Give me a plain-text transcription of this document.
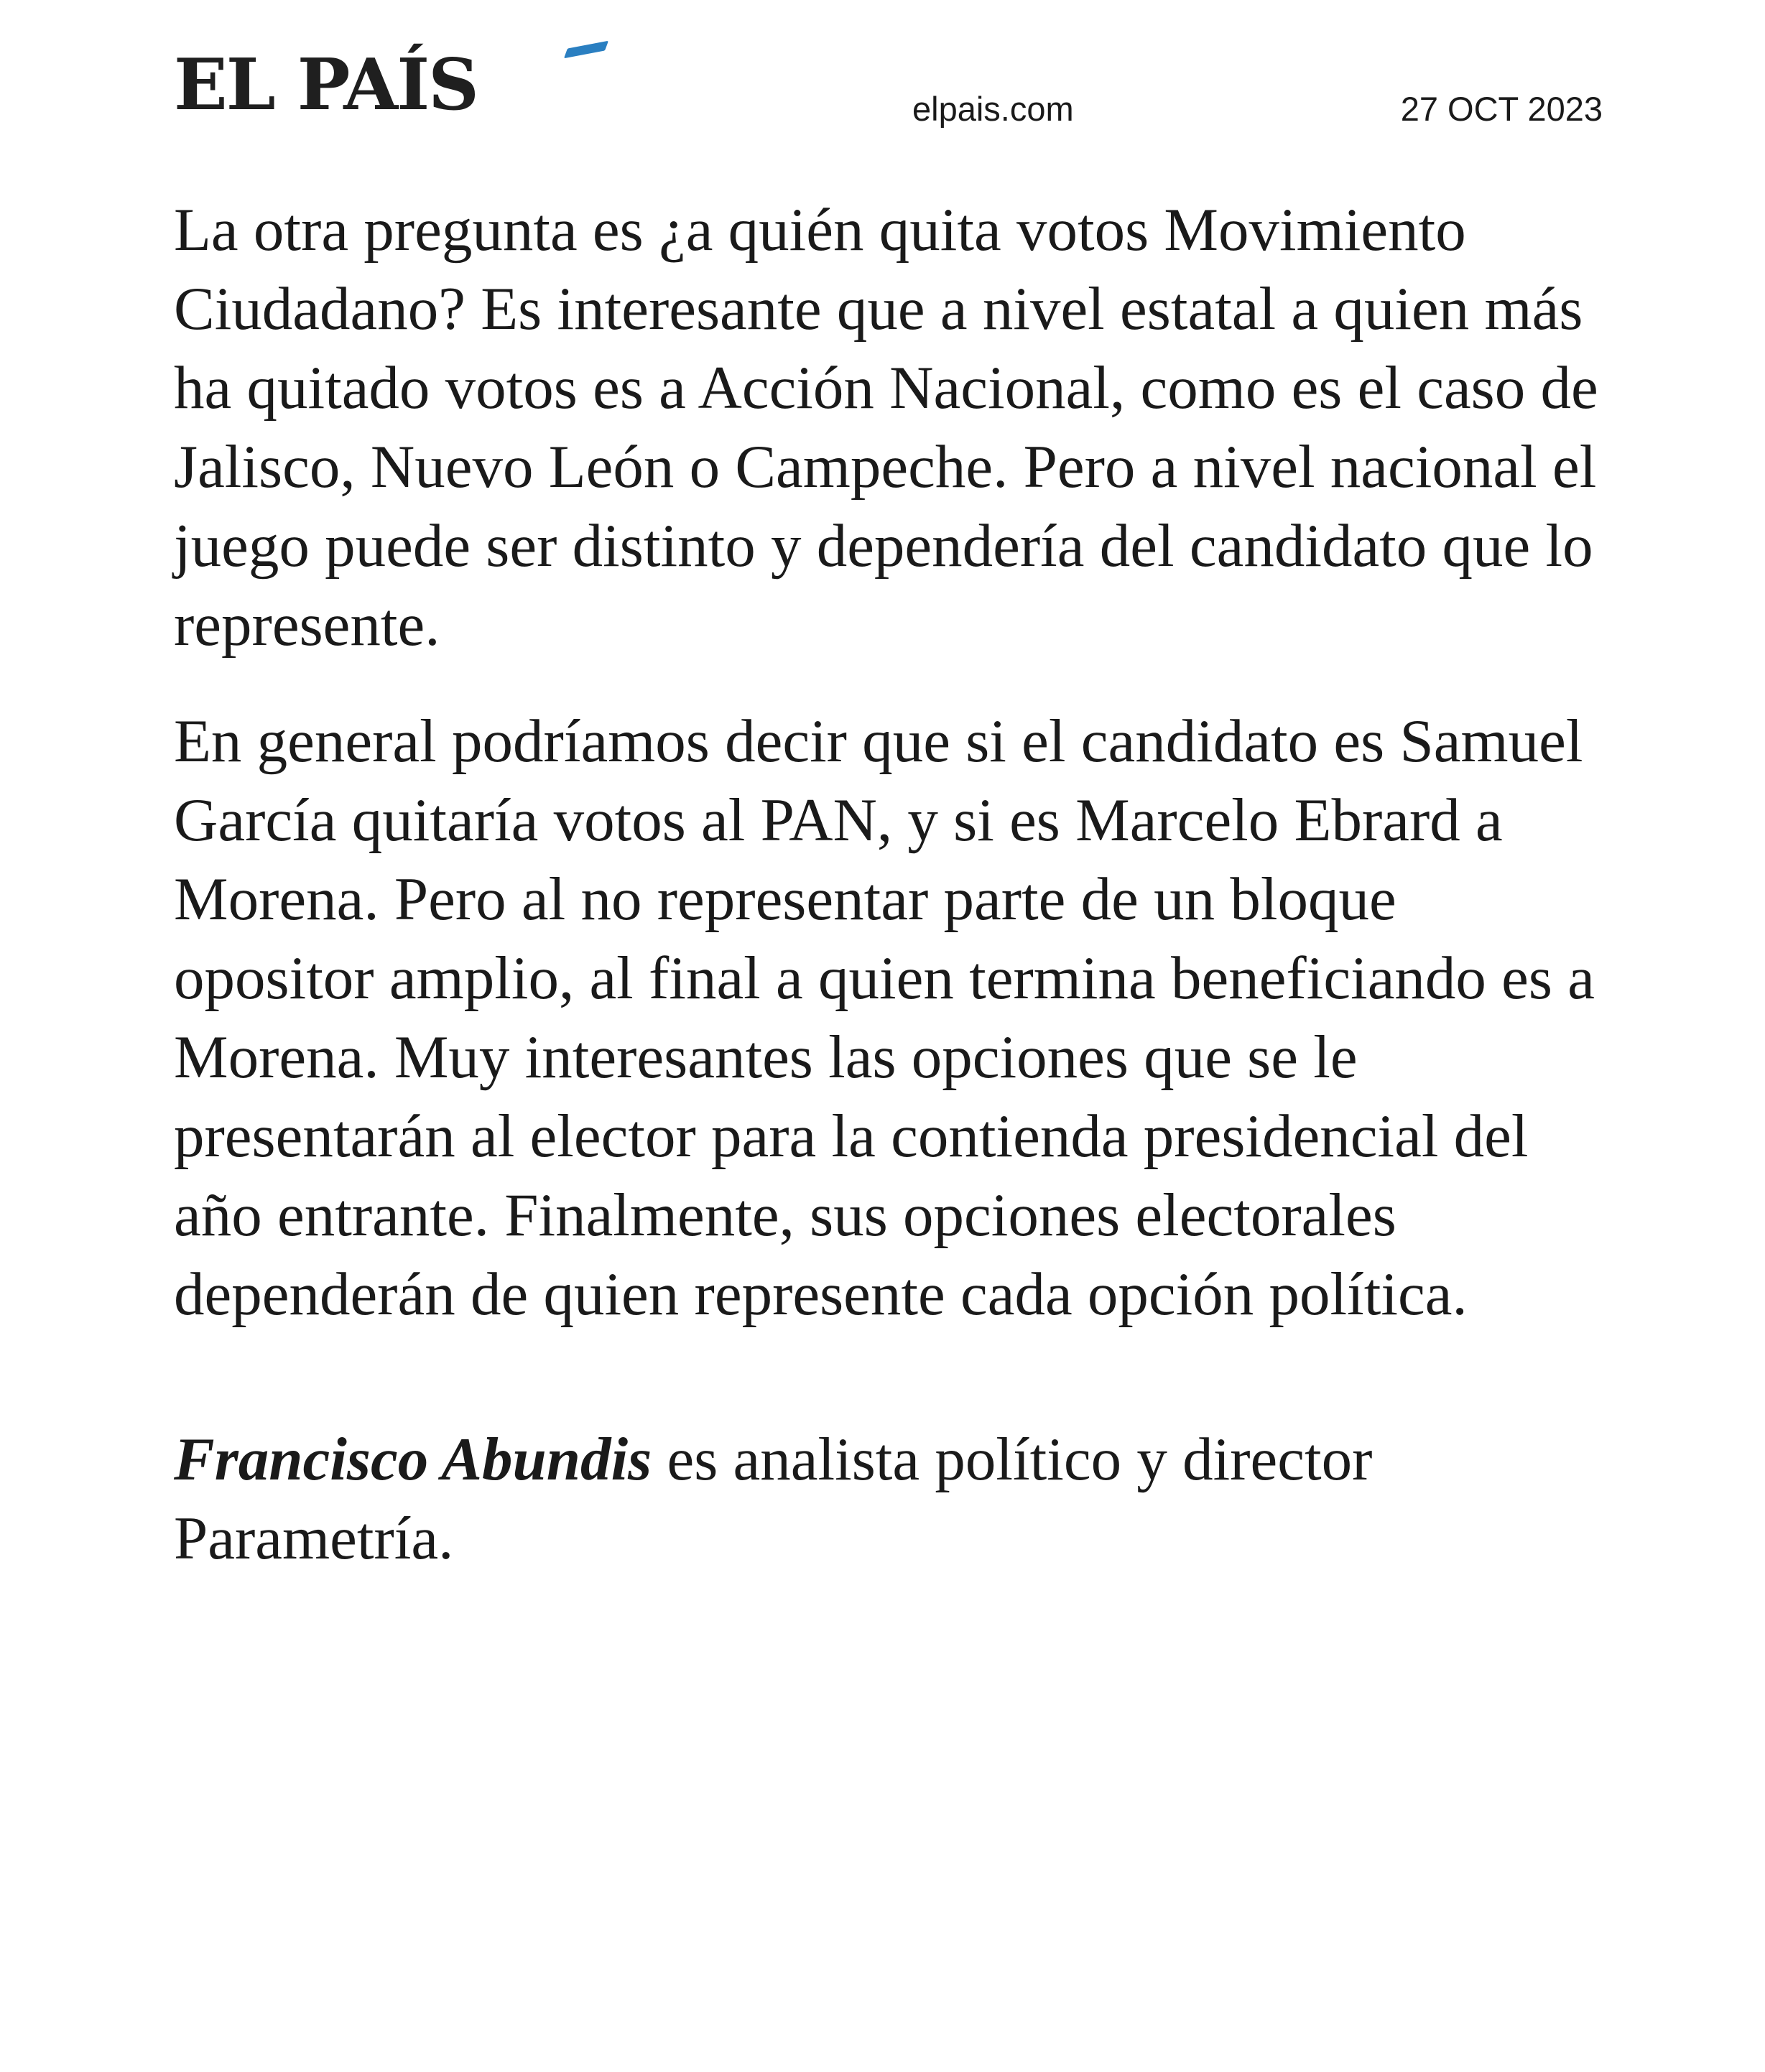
EL PAÍS	elpais.com	27 OCT 2023

La otra pregunta es ¿a quién quita votos Movimiento Ciudadano? Es interesante que a nivel estatal a quien más ha quitado votos es a Acción Nacional, como es el caso de Jalisco, Nuevo León o Campeche. Pero a nivel nacional el juego puede ser distinto y dependería del candidato que lo represente.

En general podríamos decir que si el candidato es Samuel García quitaría votos al PAN, y si es Marcelo Ebrard a Morena. Pero al no representar parte de un bloque opositor amplio, al final a quien termina beneficiando es a Morena. Muy interesantes las opciones que se le presentarán al elector para la contienda presidencial del año entrante. Finalmente, sus opciones electorales dependerán de quien represente cada opción política.

Francisco Abundis es analista político y director Parametría.
